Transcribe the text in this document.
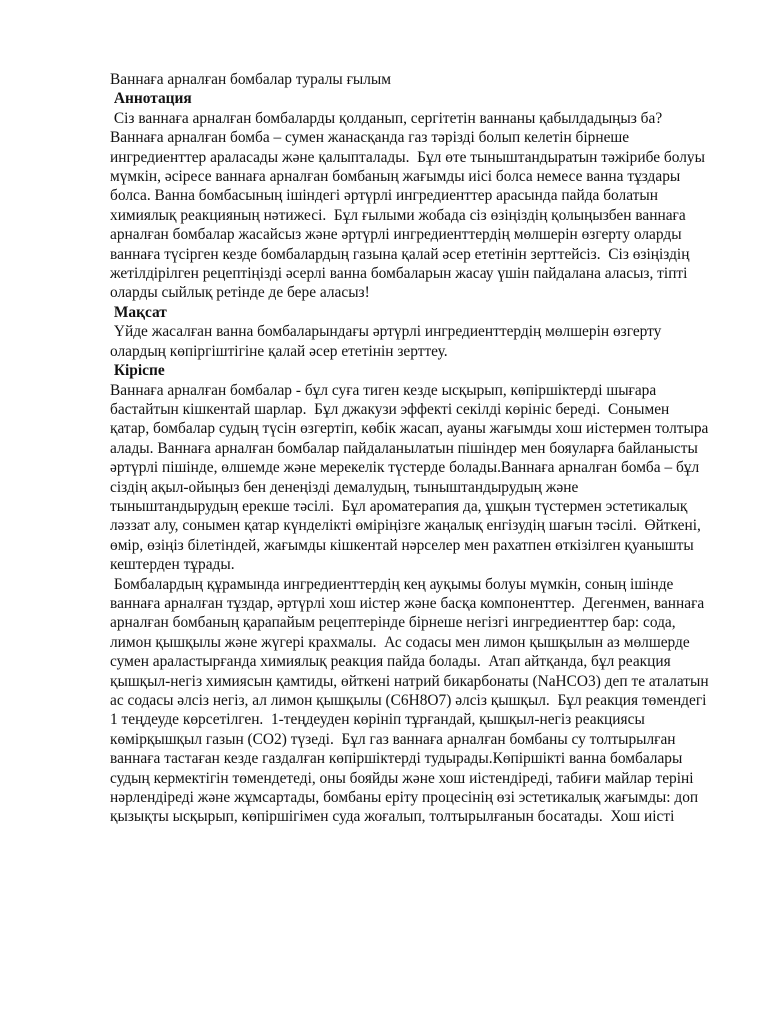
Ваннаға арналған бомбалар туралы ғылым

Аннотация

Сіз ваннаға арналған бомбаларды қолданып, сергітетін ваннаны қабылдадыңыз ба?  Ваннаға арналған бомба – сумен жанасқанда газ тәрізді болып келетін бірнеше ингредиенттер араласады және қалыпталады.  Бұл өте тыныштандыратын тәжірибе болуы мүмкін, әсіресе ваннаға арналған бомбаның жағымды иісі болса немесе ванна тұздары болса. Ванна бомбасының ішіндегі әртүрлі ингредиенттер арасында пайда болатын химиялық реакцияның нәтижесі.  Бұл ғылыми жобада сіз өзіңіздің қолыңызбен ваннаға арналған бомбалар жасайсыз және әртүрлі ингредиенттердің мөлшерін өзгерту оларды ваннаға түсірген кезде бомбалардың газына қалай әсер ететінін зерттейсіз.  Сіз өзіңіздің жетілдірілген рецептіңізді әсерлі ванна бомбаларын жасау үшін пайдалана аласыз, тіпті оларды сыйлық ретінде де бере аласыз!

Мақсат

Үйде жасалған ванна бомбаларындағы әртүрлі ингредиенттердің мөлшерін өзгерту олардың көпіргіштігіне қалай әсер ететінін зерттеу.

Кіріспе

Ваннаға арналған бомбалар - бұл суға тиген кезде ысқырып, көпіршіктерді шығара бастайтын кішкентай шарлар.  Бұл джакузи эффекті секілді көрініс береді.  Сонымен қатар, бомбалар судың түсін өзгертіп, көбік жасап, ауаны жағымды хош иістермен толтыра алады. Ваннаға арналған бомбалар пайдаланылатын пішіндер мен бояуларға байланысты әртүрлі пішінде, өлшемде және мерекелік түстерде болады.Ваннаға арналған бомба – бұл сіздің ақыл-ойыңыз бен денеңізді демалудың, тыныштандырудың және тыныштандырудың ерекше тәсілі.  Бұл ароматерапия да, ұшқын түстермен эстетикалық ләззат алу, сонымен қатар күнделікті өміріңізге жаңалық енгізудің шағын тәсілі.  Өйткені, өмір, өзіңіз білетіндей, жағымды кішкентай нәрселер мен рахатпен өткізілген қуанышты кештерден тұрады.

Бомбалардың құрамында ингредиенттердің кең ауқымы болуы мүмкін, соның ішінде ваннаға арналған тұздар, әртүрлі хош иістер және басқа компоненттер.  Дегенмен, ваннаға арналған бомбаның қарапайым рецептерінде бірнеше негізгі ингредиенттер бар: сода, лимон қышқылы және жүгері крахмалы.  Ас содасы мен лимон қышқылын аз мөлшерде сумен араластырғанда химиялық реакция пайда болады.  Атап айтқанда, бұл реакция қышқыл-негіз химиясын қамтиды, өйткені натрий бикарбонаты (NaHCO3) деп те аталатын ас содасы әлсіз негіз, ал лимон қышқылы (C6H8O7) әлсіз қышқыл.  Бұл реакция төмендегі 1 теңдеуде көрсетілген.  1-теңдеуден көрініп тұрғандай, қышқыл-негіз реакциясы көмірқышқыл газын (CO2) түзеді.  Бұл газ ваннаға арналған бомбаны су толтырылған ваннаға тастаған кезде газдалған көпіршіктерді тудырады.Көпіршікті ванна бомбалары судың кермектігін төмендетеді, оны бояйды және хош иістендіреді, табиғи майлар теріні нәрлендіреді және жұмсартады, бомбаны еріту процесінің өзі эстетикалық жағымды: доп қызықты ысқырып, көпіршігімен суда жоғалып, толтырылғанын босатады.  Хош иісті
